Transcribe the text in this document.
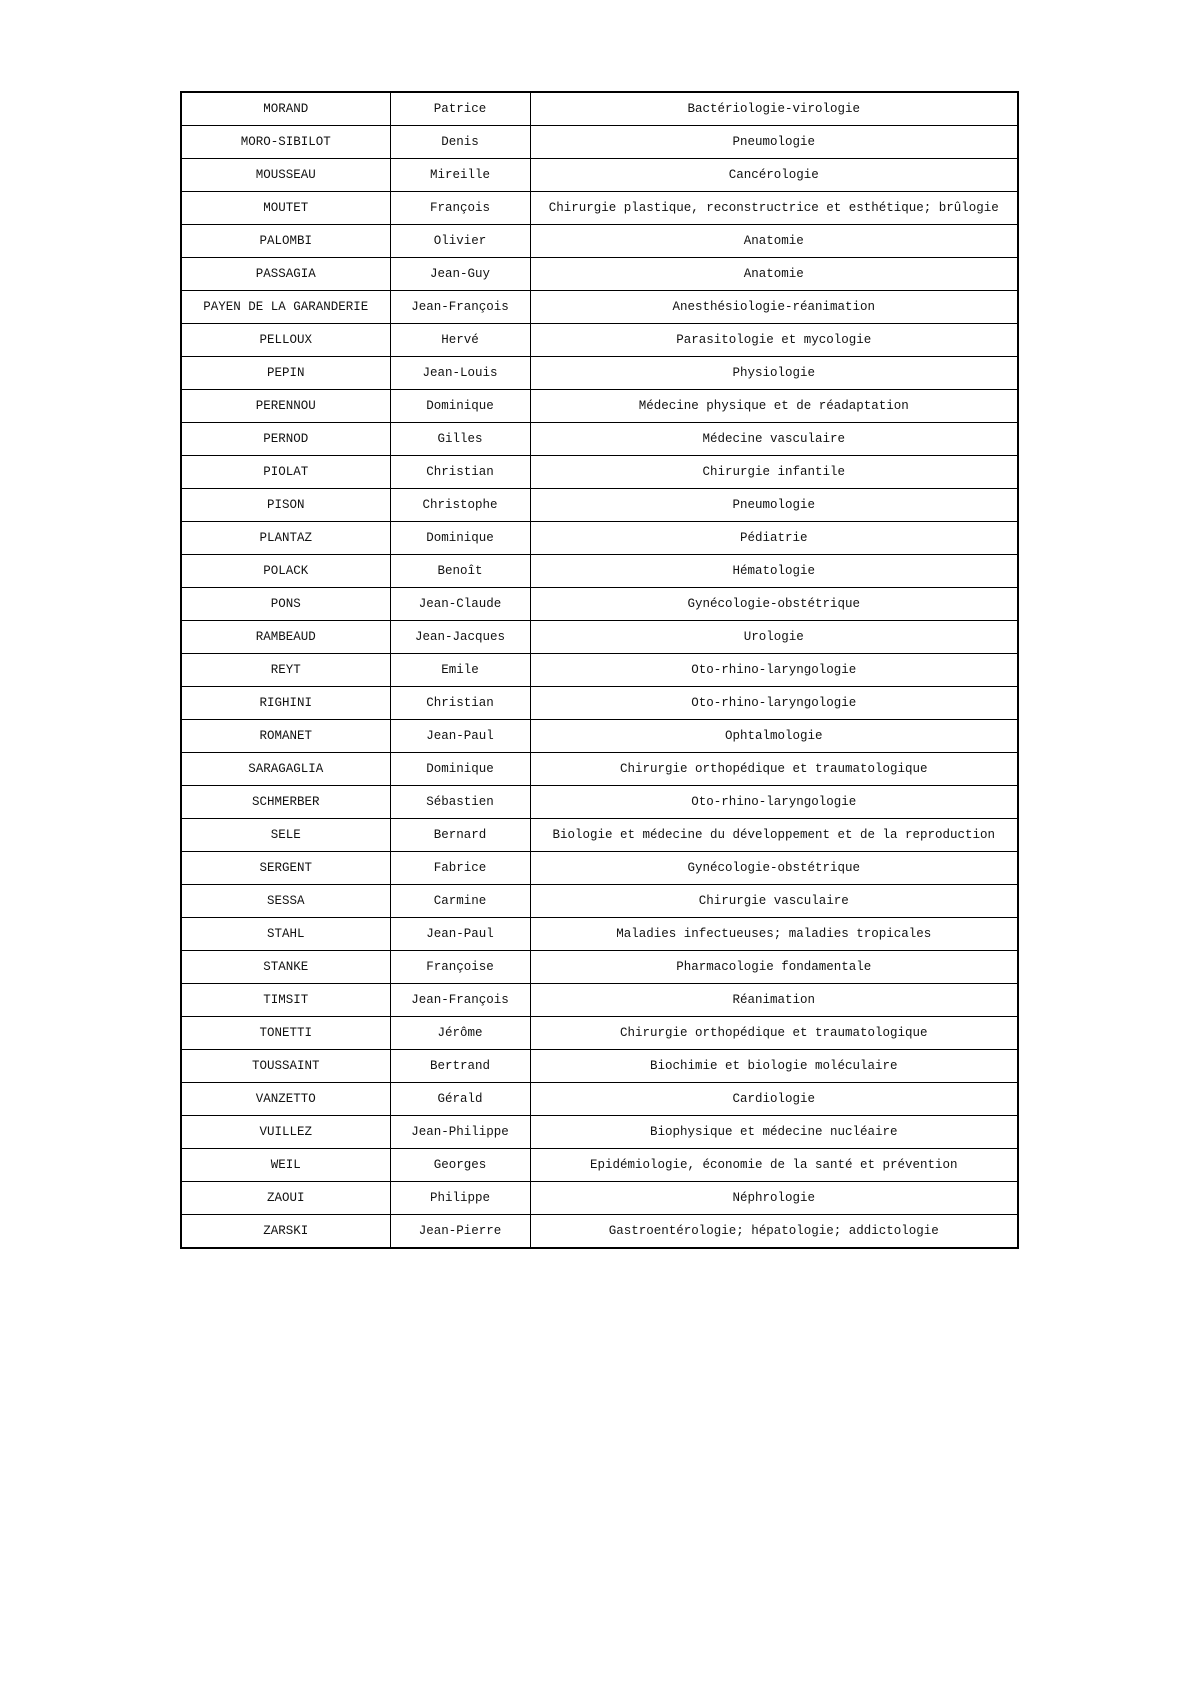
MORAND	Patrice	Bactériologie-virologie
MORO-SIBILOT	Denis	Pneumologie
MOUSSEAU	Mireille	Cancérologie
MOUTET	François	Chirurgie plastique, reconstructrice et esthétique; brûlogie
PALOMBI	Olivier	Anatomie
PASSAGIA	Jean-Guy	Anatomie
PAYEN DE LA GARANDERIE	Jean-François	Anesthésiologie-réanimation
PELLOUX	Hervé	Parasitologie et mycologie
PEPIN	Jean-Louis	Physiologie
PERENNOU	Dominique	Médecine physique et de réadaptation
PERNOD	Gilles	Médecine vasculaire
PIOLAT	Christian	Chirurgie infantile
PISON	Christophe	Pneumologie
PLANTAZ	Dominique	Pédiatrie
POLACK	Benoît	Hématologie
PONS	Jean-Claude	Gynécologie-obstétrique
RAMBEAUD	Jean-Jacques	Urologie
REYT	Emile	Oto-rhino-laryngologie
RIGHINI	Christian	Oto-rhino-laryngologie
ROMANET	Jean-Paul	Ophtalmologie
SARAGAGLIA	Dominique	Chirurgie orthopédique et traumatologique
SCHMERBER	Sébastien	Oto-rhino-laryngologie
SELE	Bernard	Biologie et médecine du développement et de la reproduction
SERGENT	Fabrice	Gynécologie-obstétrique
SESSA	Carmine	Chirurgie vasculaire
STAHL	Jean-Paul	Maladies infectueuses; maladies tropicales
STANKE	Françoise	Pharmacologie fondamentale
TIMSIT	Jean-François	Réanimation
TONETTI	Jérôme	Chirurgie orthopédique et traumatologique
TOUSSAINT	Bertrand	Biochimie et biologie moléculaire
VANZETTO	Gérald	Cardiologie
VUILLEZ	Jean-Philippe	Biophysique et médecine nucléaire
WEIL	Georges	Epidémiologie, économie de la santé et prévention
ZAOUI	Philippe	Néphrologie
ZARSKI	Jean-Pierre	Gastroentérologie; hépatologie; addictologie
